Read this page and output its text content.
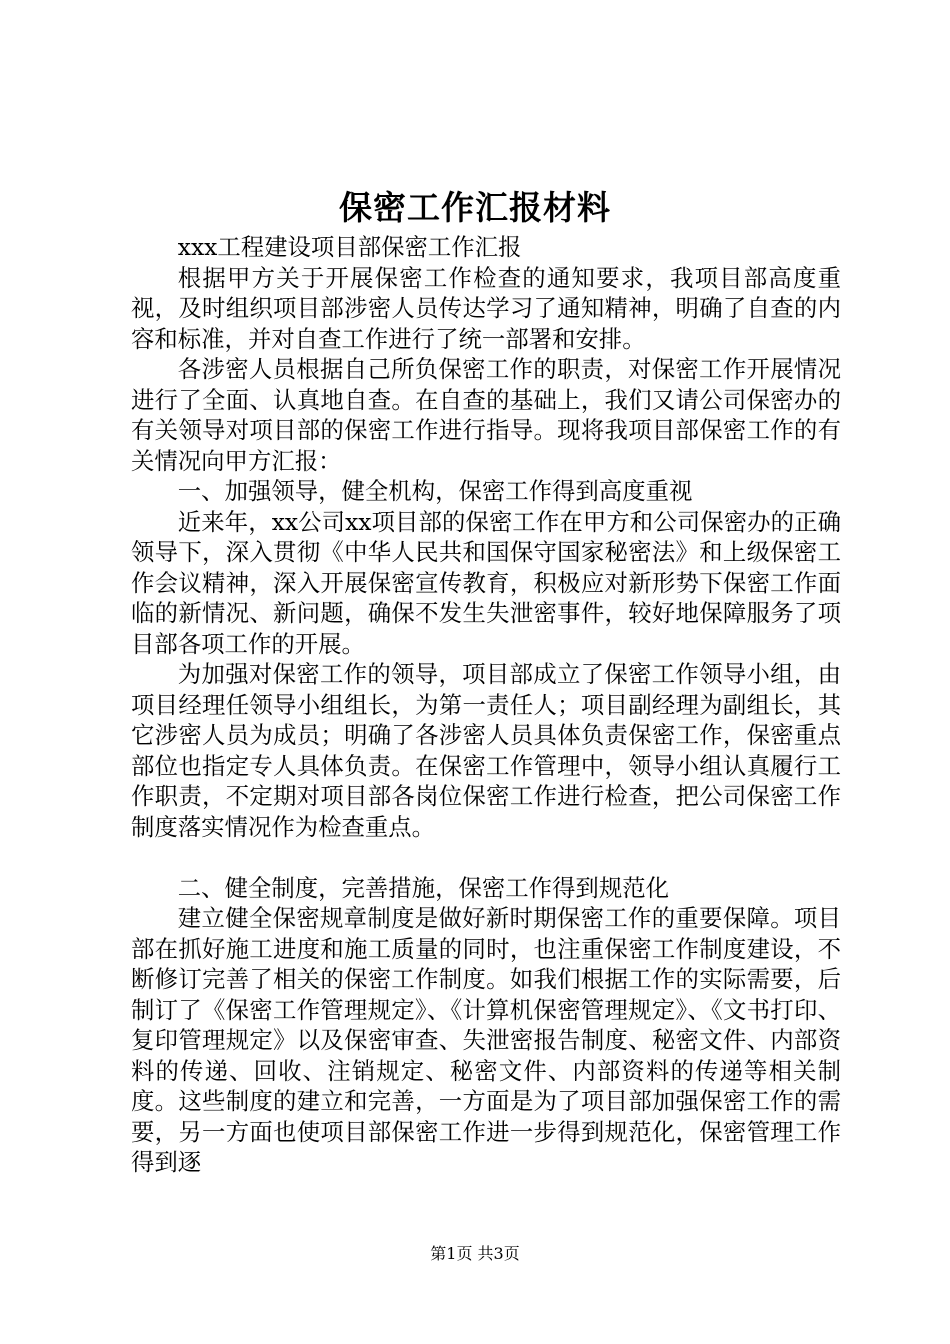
保密工作汇报材料

xxx工程建设项目部保密工作汇报

根据甲方关于开展保密工作检查的通知要求，我项目部高度重视，及时组织项目部涉密人员传达学习了通知精神，明确了自查的内容和标准，并对自查工作进行了统一部署和安排。

各涉密人员根据自己所负保密工作的职责，对保密工作开展情况进行了全面、认真地自查。在自查的基础上，我们又请公司保密办的有关领导对项目部的保密工作进行指导。现将我项目部保密工作的有关情况向甲方汇报：

一、加强领导，健全机构，保密工作得到高度重视

近来年，xx公司xx项目部的保密工作在甲方和公司保密办的正确领导下，深入贯彻《中华人民共和国保守国家秘密法》和上级保密工作会议精神，深入开展保密宣传教育，积极应对新形势下保密工作面临的新情况、新问题，确保不发生失泄密事件，较好地保障服务了项目部各项工作的开展。

为加强对保密工作的领导，项目部成立了保密工作领导小组，由项目经理任领导小组组长，为第一责任人；项目副经理为副组长，其它涉密人员为成员；明确了各涉密人员具体负责保密工作，保密重点部位也指定专人具体负责。在保密工作管理中，领导小组认真履行工作职责，不定期对项目部各岗位保密工作进行检查，把公司保密工作制度落实情况作为检查重点。

二、健全制度，完善措施，保密工作得到规范化

建立健全保密规章制度是做好新时期保密工作的重要保障。项目部在抓好施工进度和施工质量的同时，也注重保密工作制度建设，不断修订完善了相关的保密工作制度。如我们根据工作的实际需要，后制订了《保密工作管理规定》、《计算机保密管理规定》、《文书打印、复印管理规定》以及保密审查、失泄密报告制度、秘密文件、内部资料的传递、回收、注销规定、秘密文件、内部资料的传递等相关制度。这些制度的建立和完善，一方面是为了项目部加强保密工作的需要，另一方面也使项目部保密工作进一步得到规范化，保密管理工作得到逐

第1页 共3页
